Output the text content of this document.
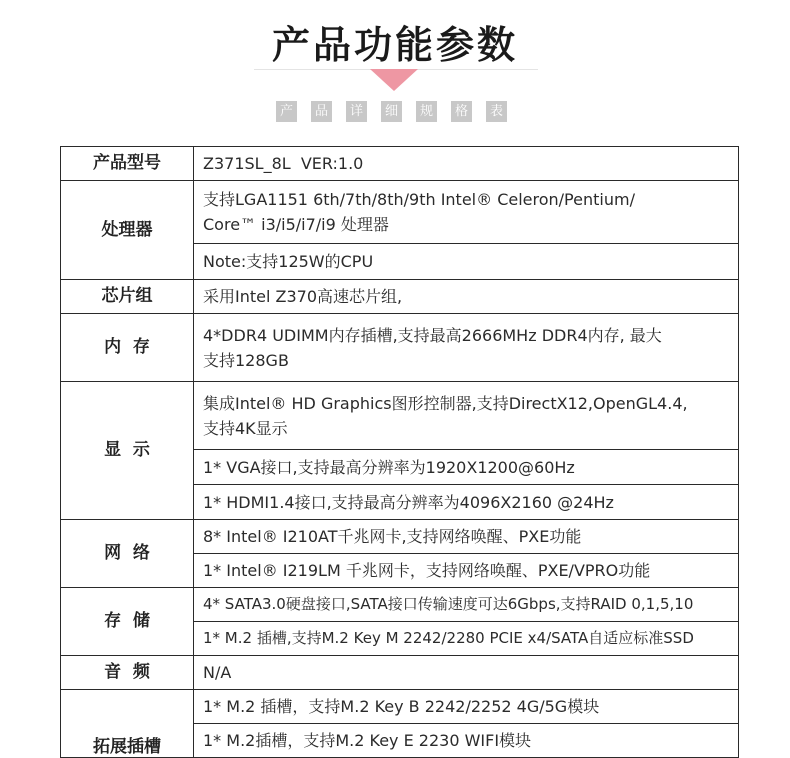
产品功能参数
产	品	详	细	规	格	表
产品型号	Z371SL_8L  VER:1.0
处理器	支持LGA1151 6th/7th/8th/9th Intel® Celeron/Pentium/
Core™ i3/i5/i7/i9 处理器
	Note:支持125W的CPU
芯片组	采用Intel Z370高速芯片组,
内  存	4*DDR4 UDIMM内存插槽,支持最高2666MHz DDR4内存, 最大
支持128GB
显  示	集成Intel® HD Graphics图形控制器,支持DirectX12,OpenGL4.4,
支持4K显示
	1* VGA接口,支持最高分辨率为1920X1200@60Hz
	1* HDMI1.4接口,支持最高分辨率为4096X2160 @24Hz
网  络	8* Intel® I210AT千兆网卡,支持网络唤醒、PXE功能
	1* Intel® I219LM 千兆网卡，支持网络唤醒、PXE/VPRO功能
存  储	4* SATA3.0硬盘接口,SATA接口传输速度可达6Gbps,支持RAID 0,1,5,10
	1* M.2 插槽,支持M.2 Key M 2242/2280 PCIE x4/SATA自适应标准SSD
音  频	N/A
拓展插槽	1* M.2 插槽，支持M.2 Key B 2242/2252 4G/5G模块
	1* M.2插槽，支持M.2 Key E 2230 WIFI模块
